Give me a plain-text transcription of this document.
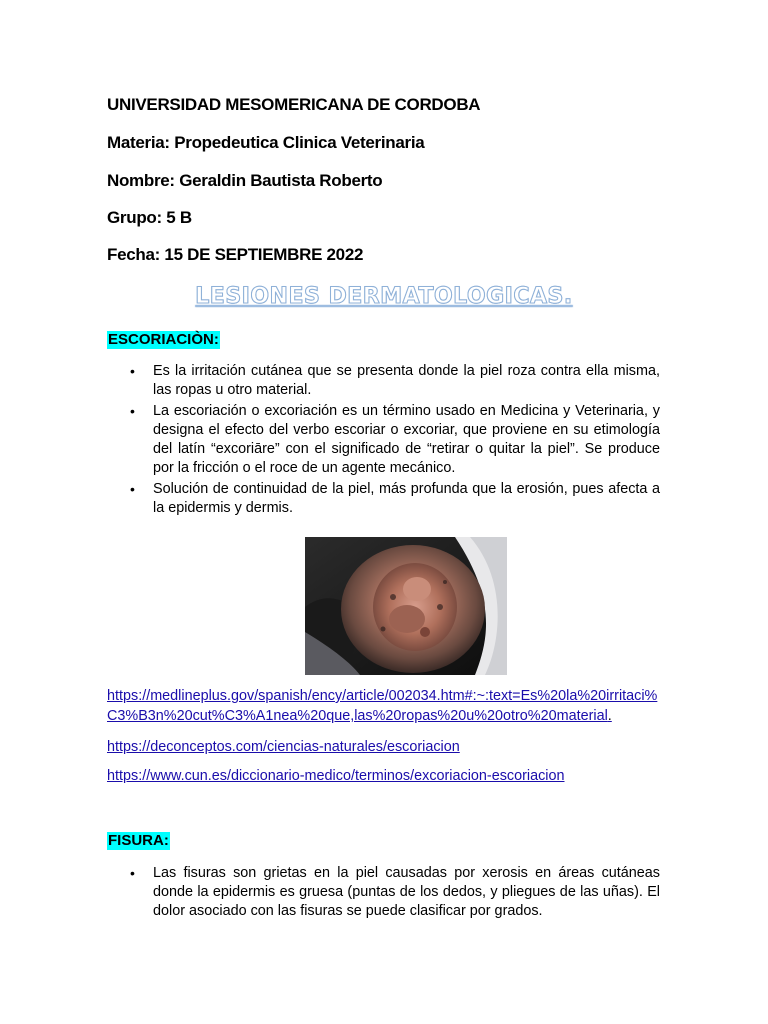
UNIVERSIDAD MESOMERICANA DE CORDOBA
Materia: Propedeutica Clinica Veterinaria
Nombre: Geraldin Bautista Roberto
Grupo: 5 B
Fecha: 15 DE SEPTIEMBRE 2022
LESIONES DERMATOLOGICAS.
ESCORIACIÒN:
• Es la irritación cutánea que se presenta donde la piel roza contra ella misma, las ropas u otro material.
• La escoriación o excoriación es un término usado en Medicina y Veterinaria, y designa el efecto del verbo escoriar o excoriar, que proviene en su etimología del latín “excoriāre” con el significado de “retirar o quitar la piel”. Se produce por la fricción o el roce de un agente mecánico.
• Solución de continuidad de la piel, más profunda que la erosión, pues afecta a la epidermis y dermis.
https://medlineplus.gov/spanish/ency/article/002034.htm#:~:text=Es%20la%20irritaci%C3%B3n%20cut%C3%A1nea%20que,las%20ropas%20u%20otro%20material.
https://deconceptos.com/ciencias-naturales/escoriacion
https://www.cun.es/diccionario-medico/terminos/excoriacion-escoriacion
FISURA:
• Las fisuras son grietas en la piel causadas por xerosis en áreas cutáneas donde la epidermis es gruesa (puntas de los dedos, y pliegues de las uñas). El dolor asociado con las fisuras se puede clasificar por grados.
